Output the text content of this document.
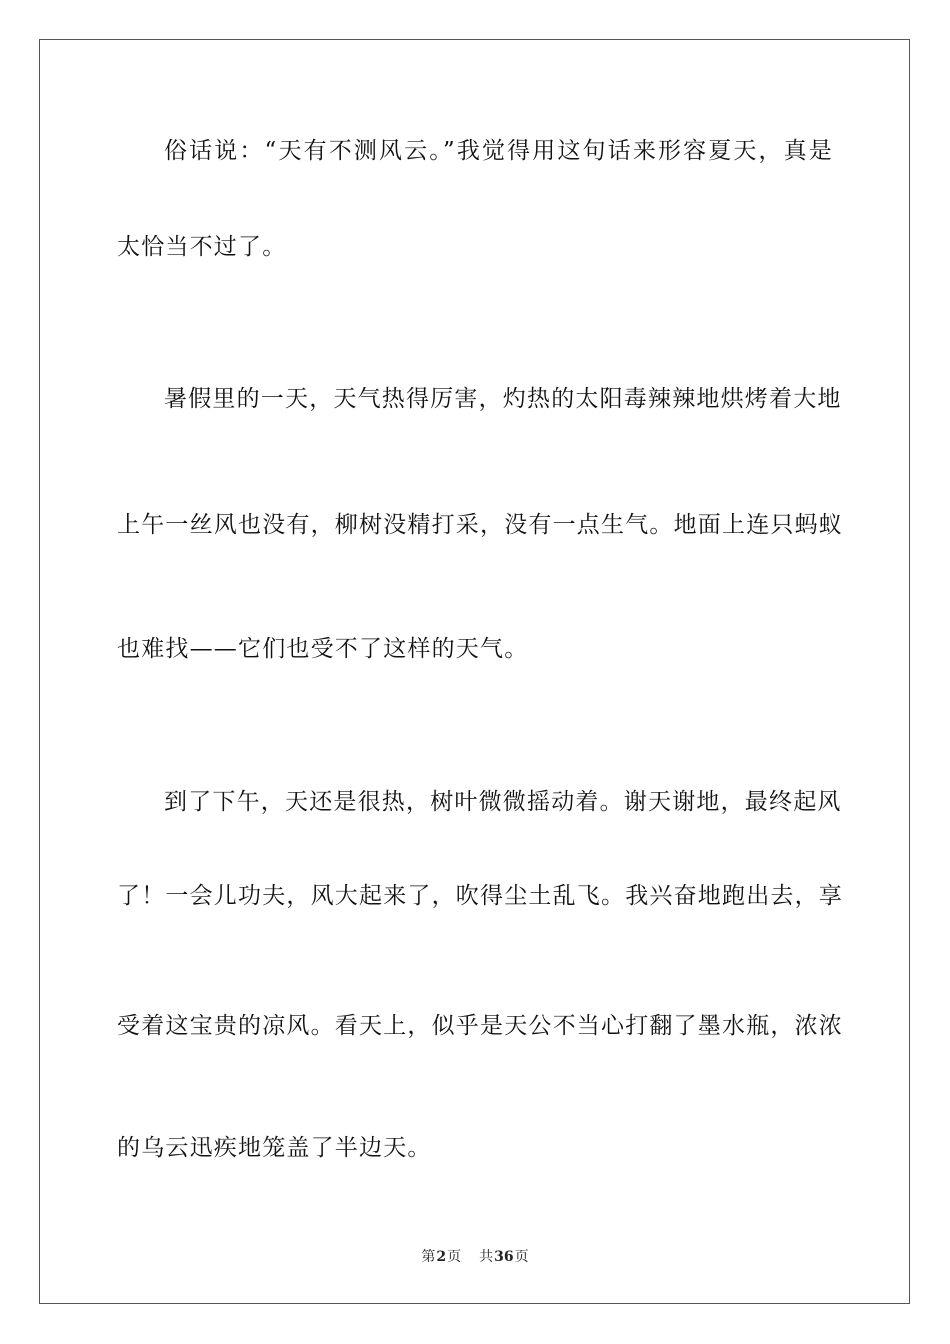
俗话说：“天有不测风云。”我觉得用这句话来形容夏天，真是
太恰当不过了。
暑假里的一天，天气热得厉害，灼热的太阳毒辣辣地烘烤着大地
上午一丝风也没有，柳树没精打采，没有一点生气。地面上连只蚂蚁
也难找——它们也受不了这样的天气。
到了下午，天还是很热，树叶微微摇动着。谢天谢地，最终起风
了！一会儿功夫，风大起来了，吹得尘土乱飞。我兴奋地跑出去，享
受着这宝贵的凉风。看天上，似乎是天公不当心打翻了墨水瓶，浓浓
的乌云迅疾地笼盖了半边天。
第2页 共36页
